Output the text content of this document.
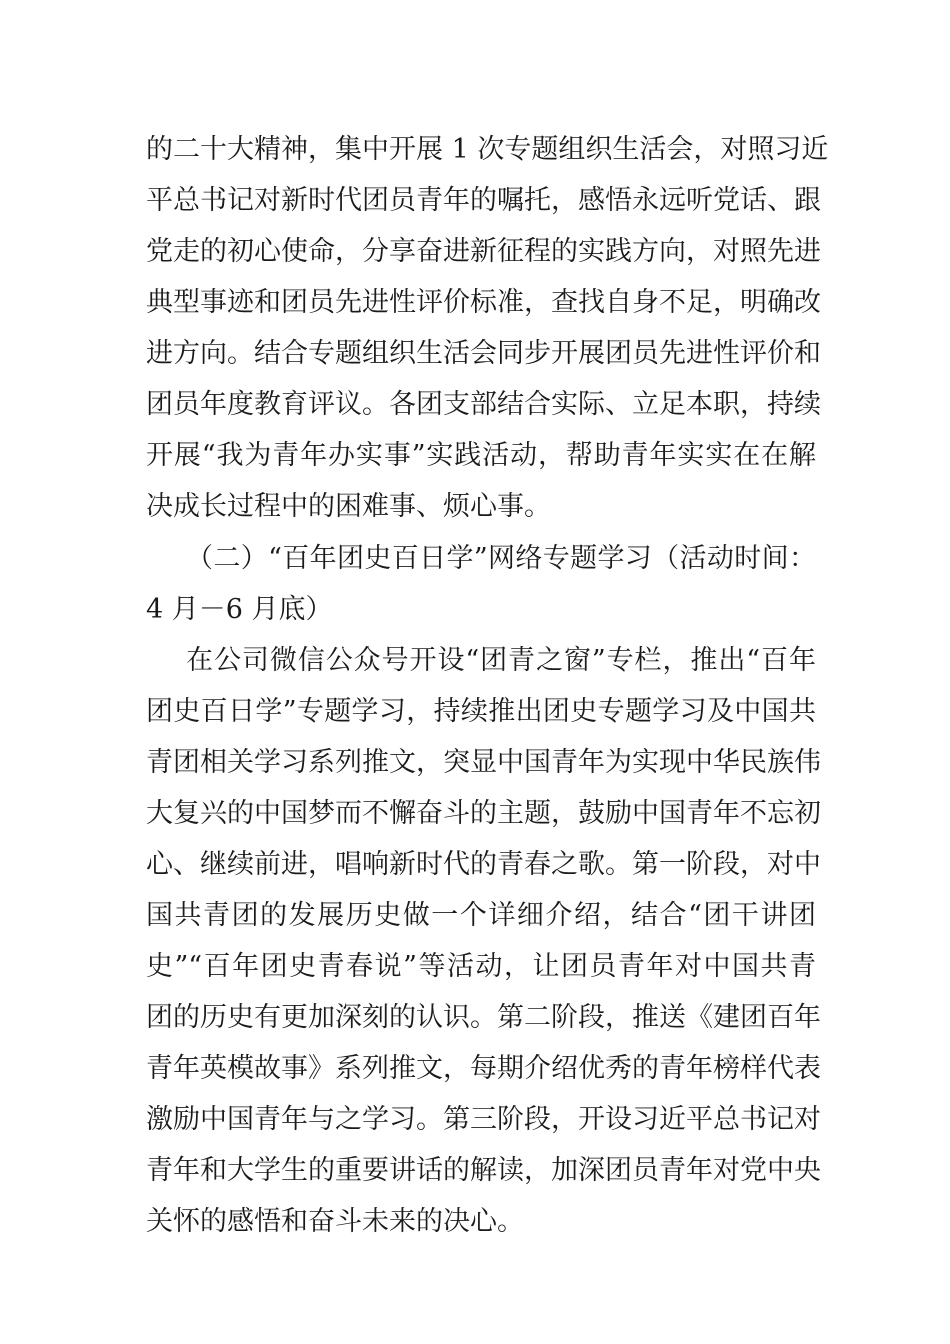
的二十大精神，集中开展 1 次专题组织生活会，对照习近
平总书记对新时代团员青年的嘱托，感悟永远听党话、跟
党走的初心使命，分享奋进新征程的实践方向，对照先进
典型事迹和团员先进性评价标准，查找自身不足，明确改
进方向。结合专题组织生活会同步开展团员先进性评价和
团员年度教育评议。各团支部结合实际、立足本职，持续
开展“我为青年办实事”实践活动，帮助青年实实在在解
决成长过程中的困难事、烦心事。
（二）“百年团史百日学”网络专题学习（活动时间：
4 月－6 月底）
在公司微信公众号开设“团青之窗”专栏，推出“百年
团史百日学”专题学习，持续推出团史专题学习及中国共
青团相关学习系列推文，突显中国青年为实现中华民族伟
大复兴的中国梦而不懈奋斗的主题，鼓励中国青年不忘初
心、继续前进，唱响新时代的青春之歌。第一阶段，对中
国共青团的发展历史做一个详细介绍，结合“团干讲团
史”“百年团史青春说”等活动，让团员青年对中国共青
团的历史有更加深刻的认识。第二阶段，推送《建团百年
青年英模故事》系列推文，每期介绍优秀的青年榜样代表
激励中国青年与之学习。第三阶段，开设习近平总书记对
青年和大学生的重要讲话的解读，加深团员青年对党中央
关怀的感悟和奋斗未来的决心。
